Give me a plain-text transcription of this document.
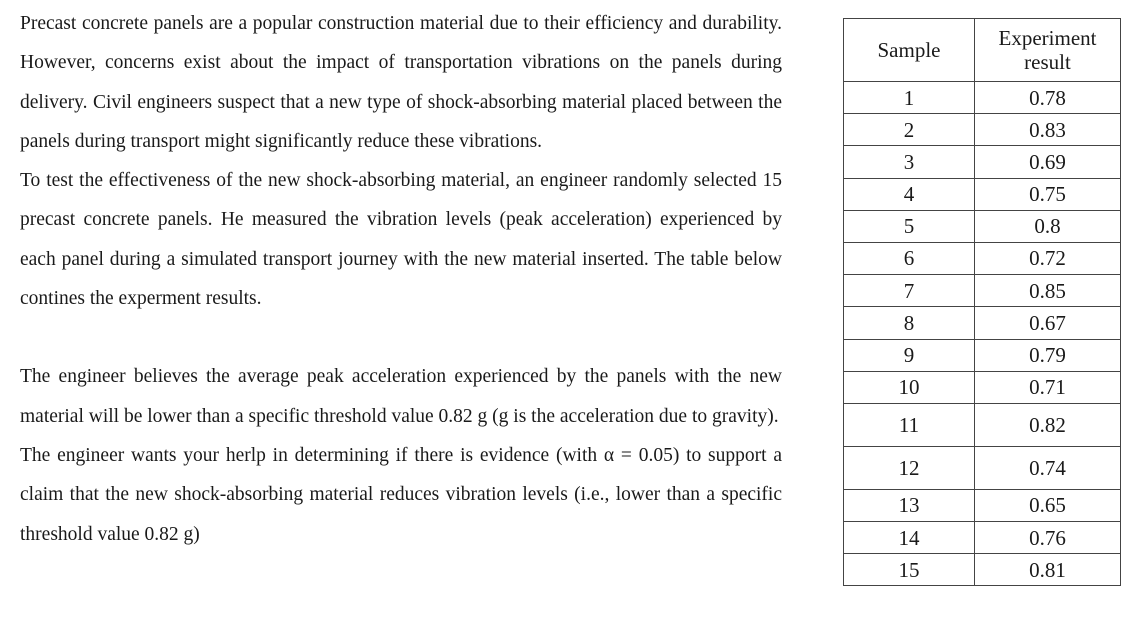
Precast concrete panels are a popular construction material due to their efficiency and durability. However, concerns exist about the impact of transportation vibrations on the panels during delivery. Civil engineers suspect that a new type of shock-absorbing material placed between the panels during transport might significantly reduce these vibrations.

To test the effectiveness of the new shock-absorbing material, an engineer randomly selected 15 precast concrete panels. He measured the vibration levels (peak acceleration) experienced by each panel during a simulated transport journey with the new material inserted. The table below contines the experment results.

The engineer believes the average peak acceleration experienced by the panels with the new material will be lower than a specific threshold value 0.82 g (g is the acceleration due to gravity).

The engineer wants your herlp in determining if there is evidence (with α = 0.05) to support a claim that the new shock-absorbing material reduces vibration levels (i.e., lower than a specific threshold value 0.82 g)

Sample	Experiment result
1	0.78
2	0.83
3	0.69
4	0.75
5	0.8
6	0.72
7	0.85
8	0.67
9	0.79
10	0.71
11	0.82
12	0.74
13	0.65
14	0.76
15	0.81
